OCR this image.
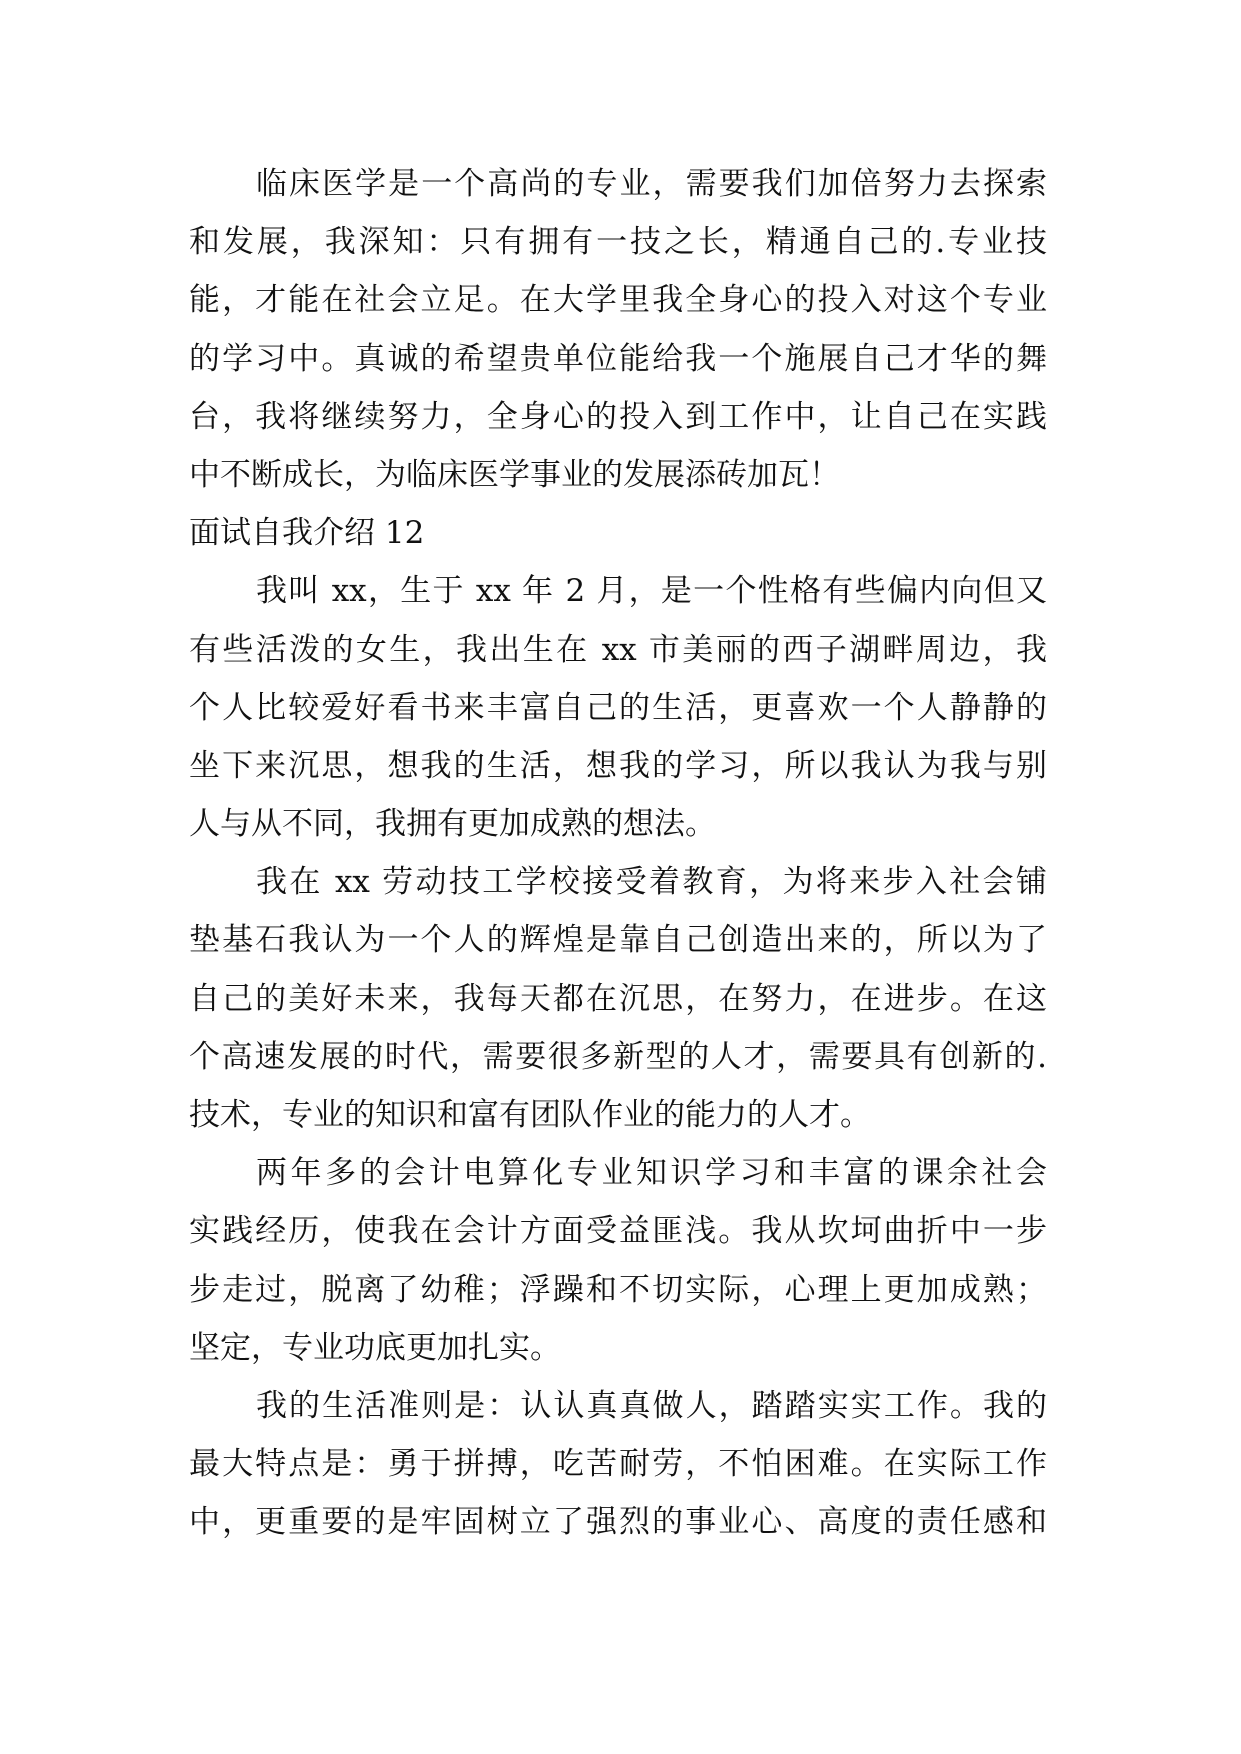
临床医学是一个高尚的专业，需要我们加倍努力去探索
和发展，我深知：只有拥有一技之长，精通自己的.专业技
能，才能在社会立足。在大学里我全身心的投入对这个专业
的学习中。真诚的希望贵单位能给我一个施展自己才华的舞
台，我将继续努力，全身心的投入到工作中，让自己在实践
中不断成长，为临床医学事业的发展添砖加瓦！
面试自我介绍 12
我叫 xx，生于 xx 年 2 月，是一个性格有些偏内向但又
有些活泼的女生，我出生在 xx 市美丽的西子湖畔周边，我
个人比较爱好看书来丰富自己的生活，更喜欢一个人静静的
坐下来沉思，想我的生活，想我的学习，所以我认为我与别
人与从不同，我拥有更加成熟的想法。
我在 xx 劳动技工学校接受着教育，为将来步入社会铺
垫基石我认为一个人的辉煌是靠自己创造出来的，所以为了
自己的美好未来，我每天都在沉思，在努力，在进步。在这
个高速发展的时代，需要很多新型的人才，需要具有创新的.
技术，专业的知识和富有团队作业的能力的人才。
两年多的会计电算化专业知识学习和丰富的课余社会
实践经历，使我在会计方面受益匪浅。我从坎坷曲折中一步
步走过，脱离了幼稚；浮躁和不切实际，心理上更加成熟；
坚定，专业功底更加扎实。
我的生活准则是：认认真真做人，踏踏实实工作。我的
最大特点是：勇于拼搏，吃苦耐劳，不怕困难。在实际工作
中，更重要的是牢固树立了强烈的事业心、高度的责任感和
